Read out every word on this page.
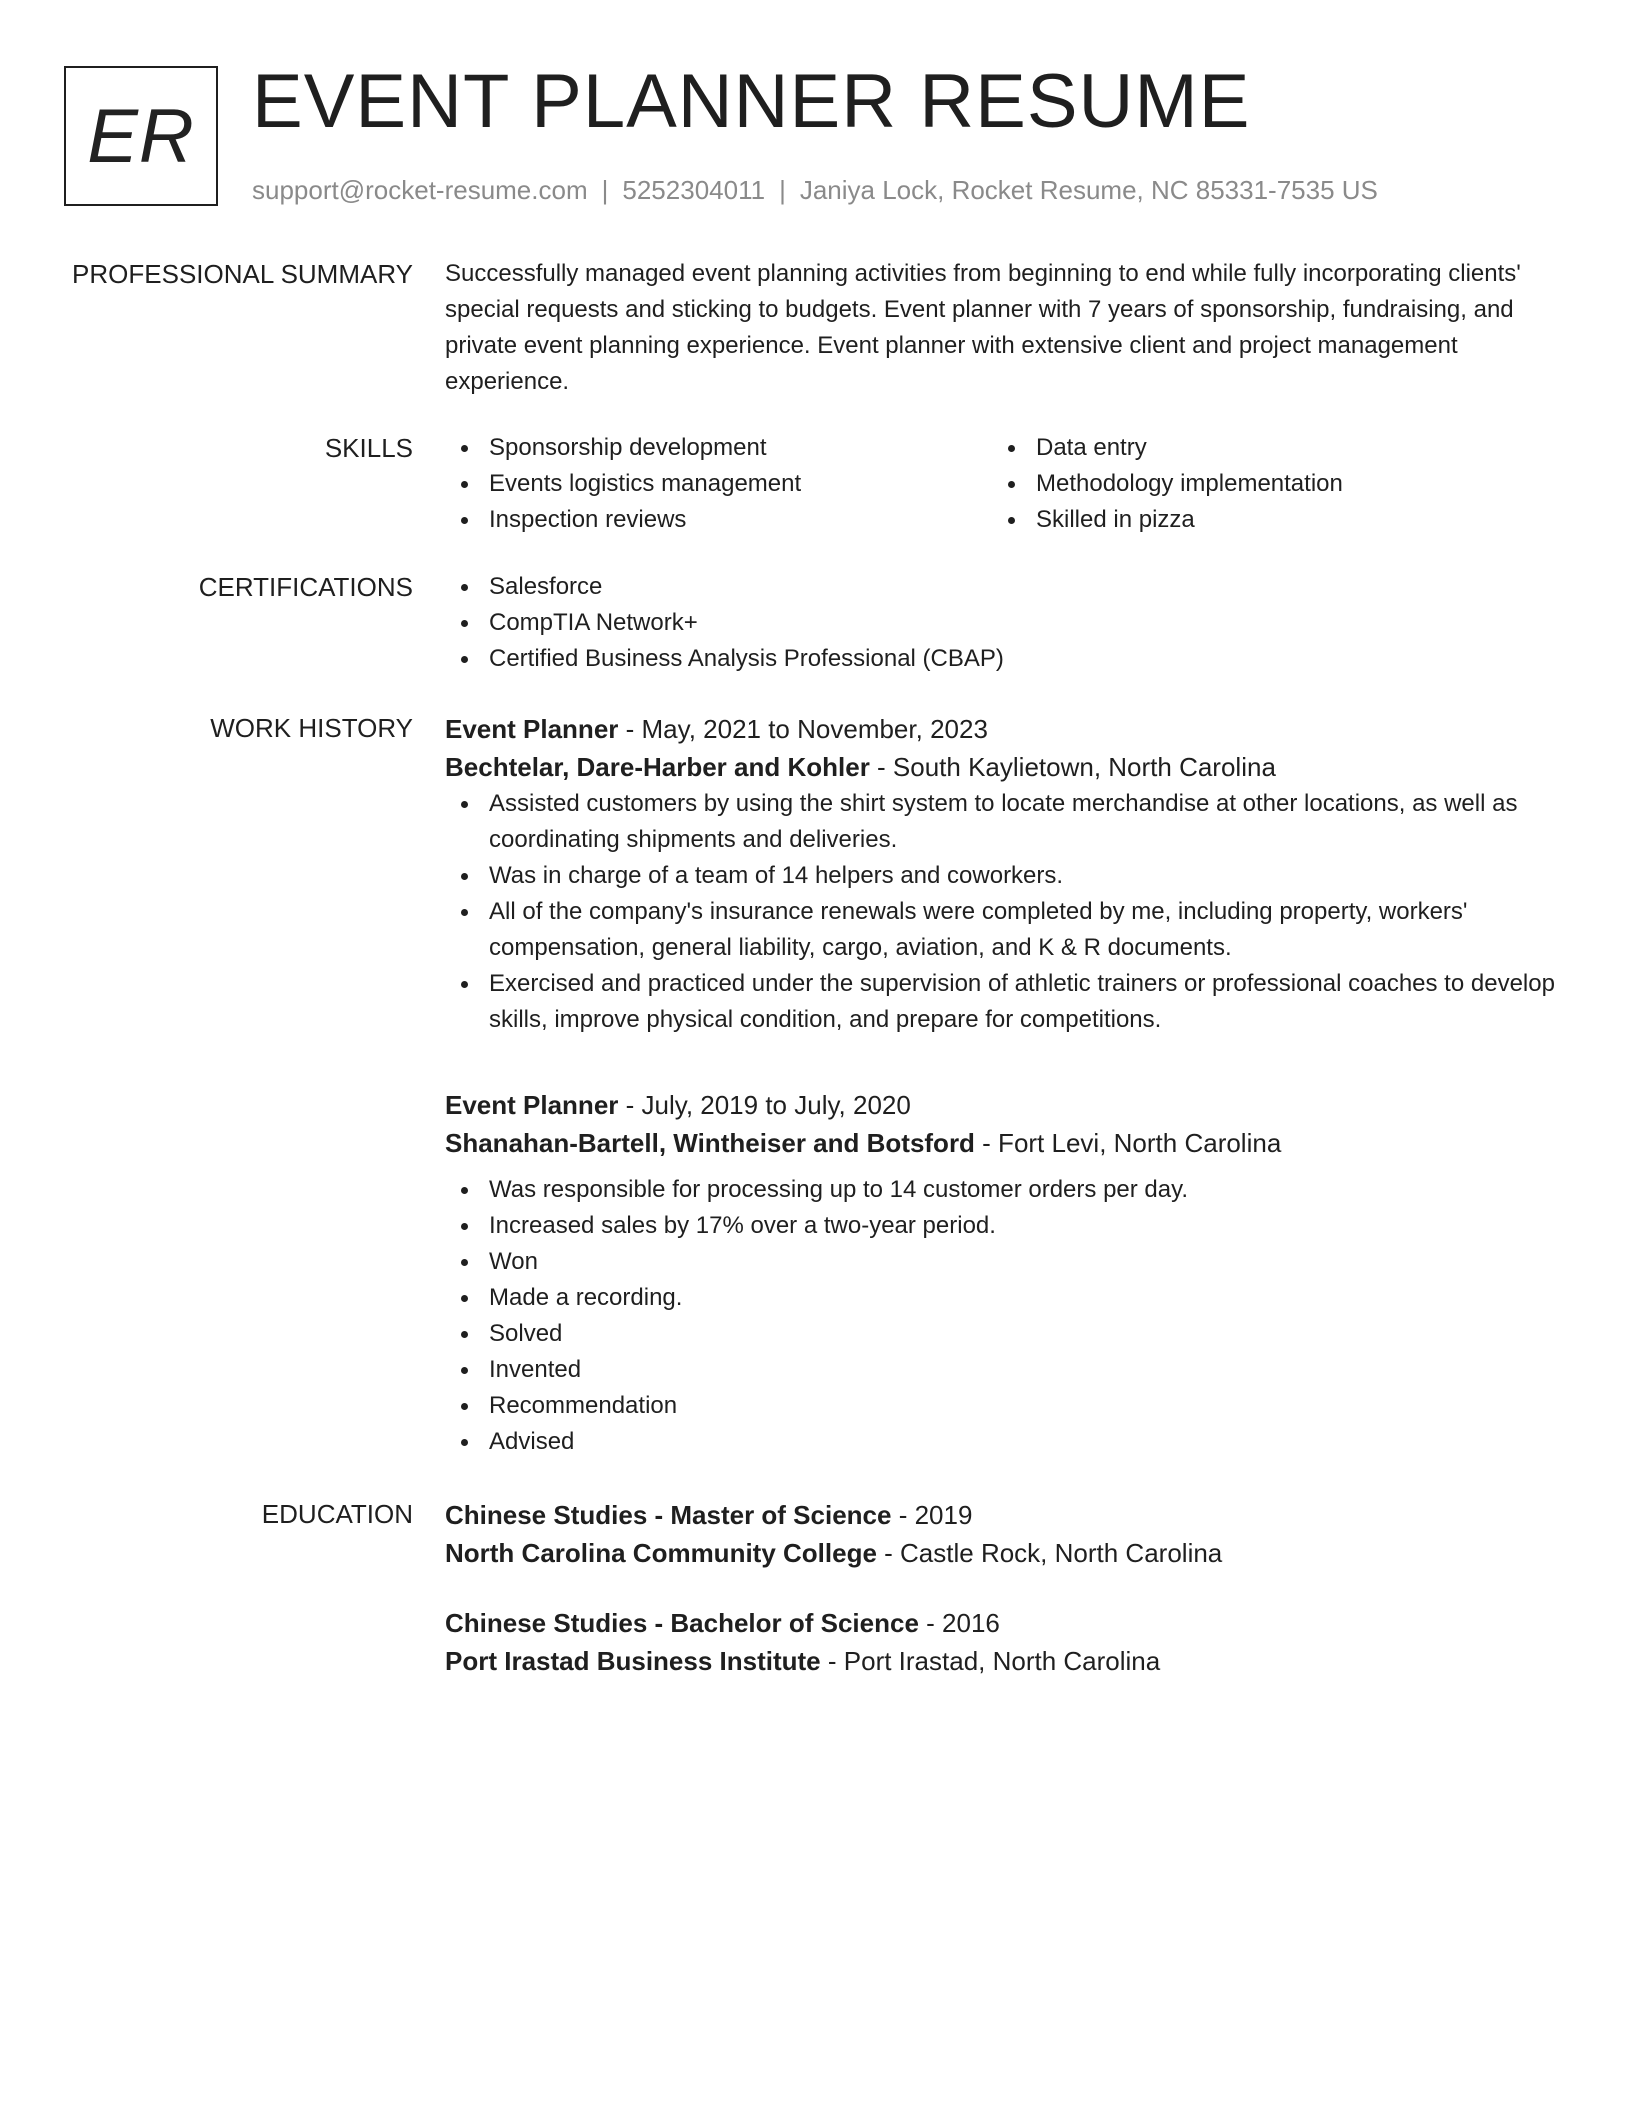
ER EVENT PLANNER RESUME
support@rocket-resume.com | 5252304011 | Janiya Lock, Rocket Resume, NC 85331-7535 US
PROFESSIONAL SUMMARY Successfully managed event planning activities from beginning to end while fully incorporating clients' special requests and sticking to budgets. Event planner with 7 years of sponsorship, fundraising, and private event planning experience. Event planner with extensive client and project management experience.
SKILLS	Sponsorship development
Events logistics management
Inspection reviews
Data entry
Methodology implementation
Skilled in pizza
CERTIFICATIONS	Salesforce
CompTIA Network+
Certified Business Analysis Professional (CBAP)
WORK HISTORY Event Planner - May, 2021 to November, 2023
Bechtelar, Dare-Harber and Kohler - South Kaylietown, North Carolina
Assisted customers by using the shirt system to locate merchandise at other locations, as well as coordinating shipments and deliveries.
Was in charge of a team of 14 helpers and coworkers.
All of the company's insurance renewals were completed by me, including property, workers' compensation, general liability, cargo, aviation, and K & R documents.
Exercised and practiced under the supervision of athletic trainers or professional coaches to develop skills, improve physical condition, and prepare for competitions.
Event Planner - July, 2019 to July, 2020
Shanahan-Bartell, Wintheiser and Botsford - Fort Levi, North Carolina
Was responsible for processing up to 14 customer orders per day.
Increased sales by 17% over a two-year period.
Won
Made a recording.
Solved
Invented
Recommendation
Advised
EDUCATION Chinese Studies - Master of Science - 2019
North Carolina Community College - Castle Rock, North Carolina
Chinese Studies - Bachelor of Science - 2016
Port Irastad Business Institute - Port Irastad, North Carolina
